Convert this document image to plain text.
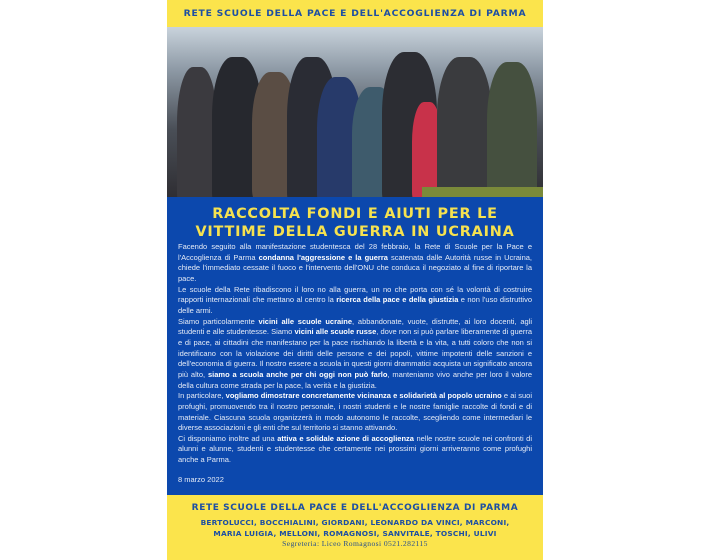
RETE SCUOLE DELLA PACE E DELL'ACCOGLIENZA DI PARMA
RACCOLTA FONDI E AIUTI PER LE
VITTIME DELLA GUERRA IN UCRAINA

Facendo seguito alla manifestazione studentesca del 28 febbraio, la Rete di Scuole per la Pace e l'Accoglienza di Parma condanna l'aggressione e la guerra scatenata dalle Autorità russe in Ucraina, chiede l'immediato cessate il fuoco e l'intervento dell'ONU che conduca il negoziato al fine di riportare la pace.

Le scuole della Rete ribadiscono il loro no alla guerra, un no che porta con sé la volontà di costruire rapporti internazionali che mettano al centro la ricerca della pace e della giustizia e non l'uso distruttivo delle armi.

Siamo particolarmente vicini alle scuole ucraine, abbandonate, vuote, distrutte, ai loro docenti, agli studenti e alle studentesse. Siamo vicini alle scuole russe, dove non si può parlare liberamente di guerra e di pace, ai cittadini che manifestano per la pace rischiando la libertà e la vita, a tutti coloro che non si identificano con la violazione dei diritti delle persone e dei popoli, vittime impotenti delle sanzioni e dell'economia di guerra. Il nostro essere a scuola in questi giorni drammatici acquista un significato ancora più alto, siamo a scuola anche per chi oggi non può farlo, manteniamo vivo anche per loro il valore della cultura come strada per la pace, la verità e la giustizia.

In particolare, vogliamo dimostrare concretamente vicinanza e solidarietà al popolo ucraino e ai suoi profughi, promuovendo tra il nostro personale, i nostri studenti e le nostre famiglie raccolte di fondi e di materiale. Ciascuna scuola organizzerà in modo autonomo le raccolte, scegliendo come intermediari le diverse associazioni e gli enti che sul territorio si stanno attivando.

Ci disponiamo inoltre ad una attiva e solidale azione di accoglienza nelle nostre scuole nei confronti di alunni e alunne, studenti e studentesse che certamente nei prossimi giorni arriveranno come profughi anche a Parma.

8 marzo 2022
RETE SCUOLE DELLA PACE E DELL'ACCOGLIENZA DI PARMA
BERTOLUCCI, BOCCHIALINI, GIORDANI, LEONARDO DA VINCI, MARCONI,
MARIA LUIGIA, MELLONI, ROMAGNOSI, SANVITALE, TOSCHI, ULIVI
Segreteria: Liceo Romagnosi 0521.282115
